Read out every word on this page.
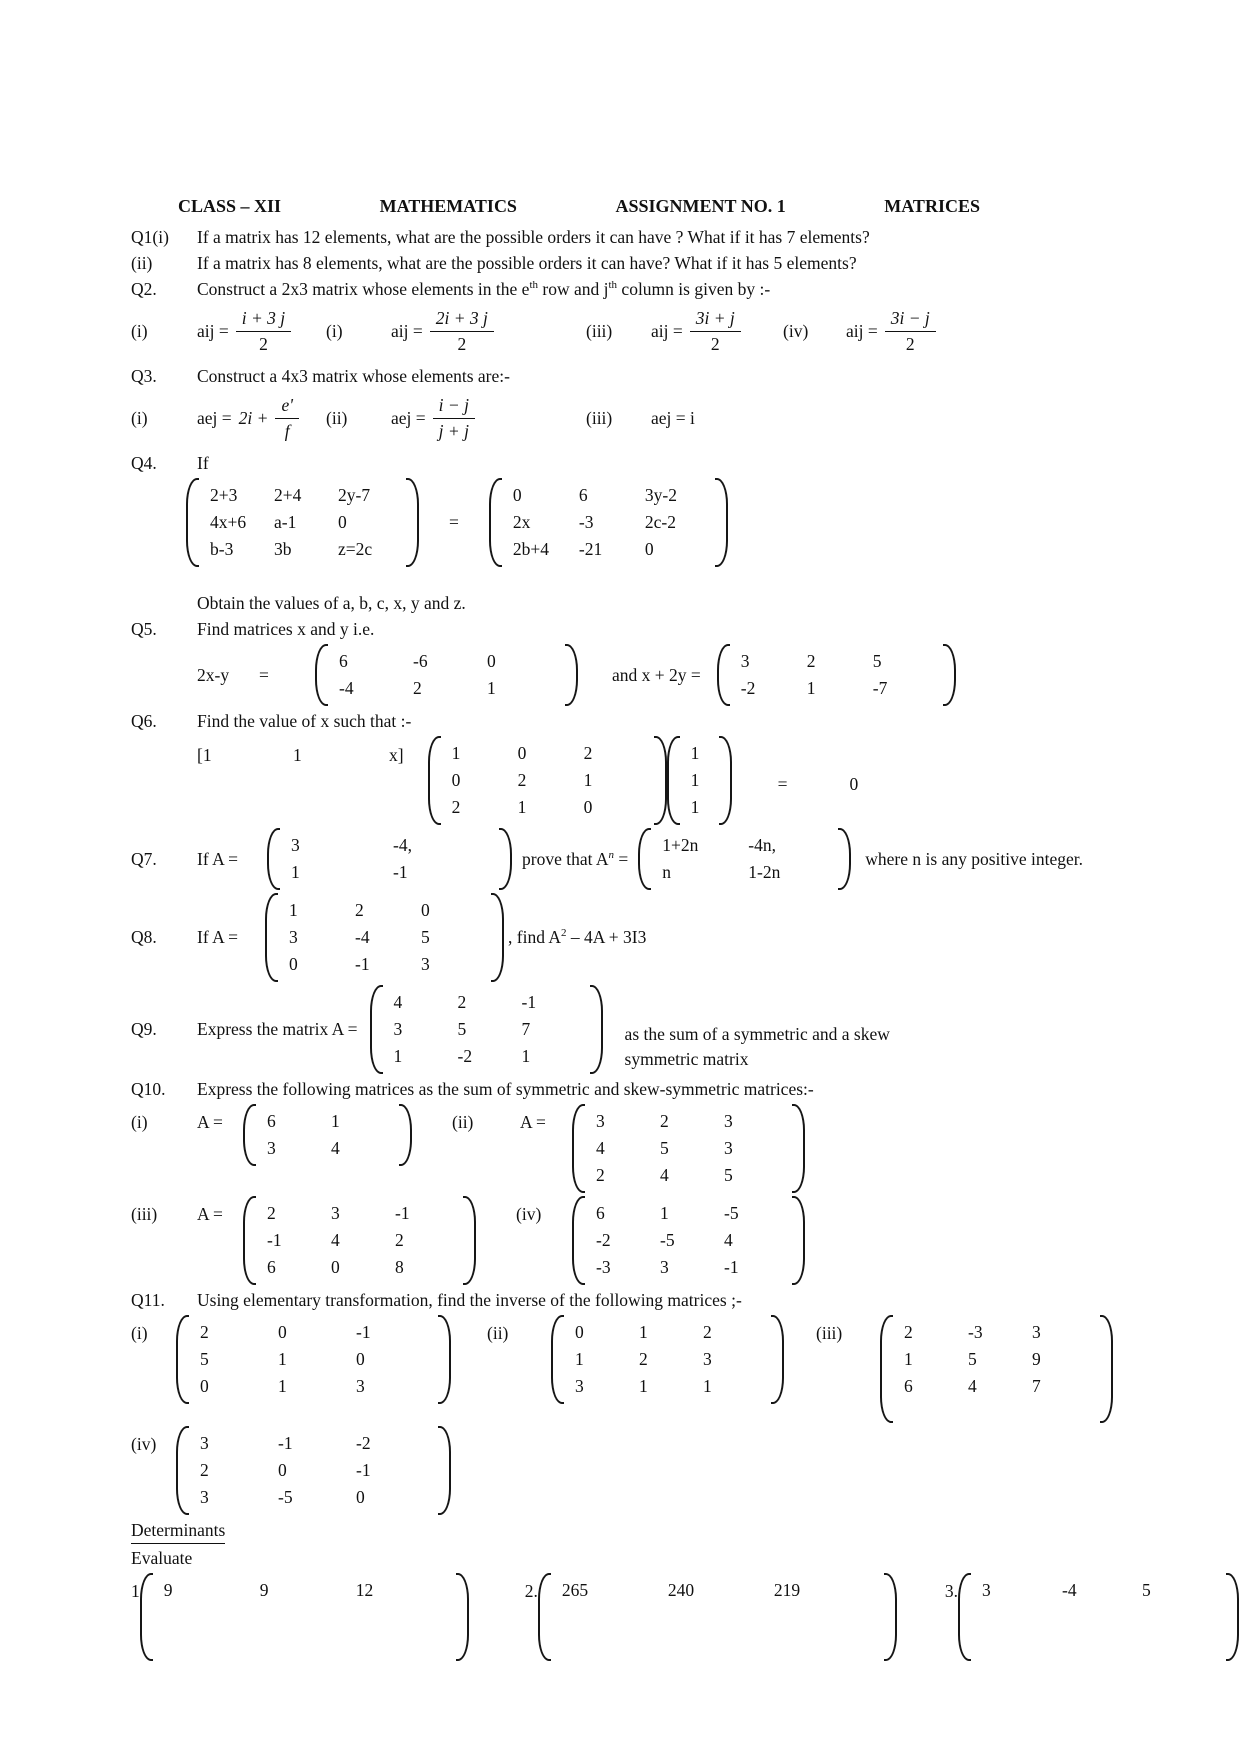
CLASS – XII	MATHEMATICS	ASSIGNMENT NO. 1	MATRICES
Q1(i)	If a matrix has 12 elements, what are the possible orders it can have ? What if it has 7 elements?
(ii)	If a matrix has 8 elements, what are the possible orders it can have? What if it has 5 elements?
Q2.	Construct a 2x3 matrix whose elements in the $e^{th}$ row and $j^{th}$ column is given by :-
(i)	aij = $\frac{i + 3 j}{2} (i)$	aij = $\frac{2i + 3 j}{2}$	(iii)	aij = $\frac{3i + j}{2} (iv)$	aij = $\frac{3i - j}{2}$
Q3.	Construct a 4x3 matrix whose elements are:-
(i)	aej = $2i + \frac{e'}{f} (ii)$	aej = $\frac{i - j}{j + j}$	(iii)	aej = i
Q4.	If
2+3	2+4	2y-7
4x+6	a-1	0
b-3	3b	z=2c
=
0	6	3y-2
2x	-3	2c-2
2b+4	-21	0
Obtain the values of a, b, c, x, y and z.
Q5.	Find matrices x and y i.e.
2x-y	=
6	-6	0
-4	2	1
and x + 2y =
3	2	5
-2	1	-7
Q6.	Find the value of x such that :-
[1	1	x]	1	0	2
0	2	1
2	1	0
1
1
1
=	0
Q7.	If A =
3	-4,
1	-1
prove that $A^n$ =
1+2n	-4n,
n	1-2n
where n is any positive integer.
Q8.	If A =
1	2	0
3	-4	5
0	-1	3
, find $A^2 - 4A + 3I3$
Q9.	Express the matrix A =
4	2	-1
3	5	7
1	-2	1
as the sum of a symmetric and a skew
symmetric matrix
Q10.	Express the following matrices as the sum of symmetric and skew-symmetric matrices:-
(i)	A =	6	1
3	4
(ii)	A =	3	2	3
4	5	3
2	4	5
(iii)	A =	2	3	-1
-1	4	2
6	0	8
(iv)	6	1	-5
-2	-5	4
-3	3	-1
Q11.	Using elementary transformation, find the inverse of the following matrices ;-
(i)	2	0	-1
5	1	0
0	1	3
(ii)	0	1	2
1	2	3
3	1	1
(iii)	2	-3	3
1	5	9
6	4	7
(iv)	3	-1	-2
2	0	-1
3	-5	0
Determinants
Evaluate
1 9	9	12	2. 265	240	219	3. 3	-4	5
